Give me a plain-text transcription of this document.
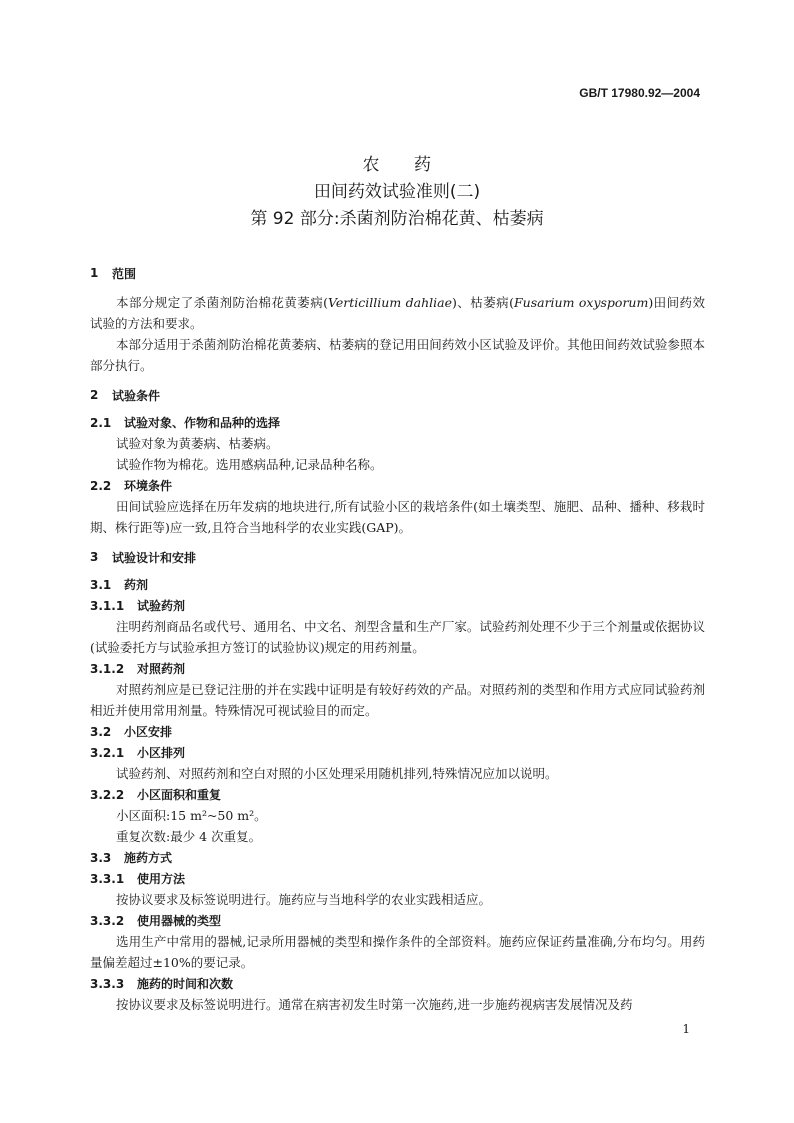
GB/T 17980.92—2004
农 药
田间药效试验准则(二)
第 92 部分:杀菌剂防治棉花黄、枯萎病
1	范围

本部分规定了杀菌剂防治棉花黄萎病(Verticillium dahliae)、枯萎病(Fusarium oxysporum)田间药效试验的方法和要求。

本部分适用于杀菌剂防治棉花黄萎病、枯萎病的登记用田间药效小区试验及评价。其他田间药效试验参照本部分执行。

2	试验条件
2.1	试验对象、作物和品种的选择

试验对象为黄萎病、枯萎病。

试验作物为棉花。选用感病品种,记录品种名称。

2.2	环境条件

田间试验应选择在历年发病的地块进行,所有试验小区的栽培条件(如土壤类型、施肥、品种、播种、移栽时期、株行距等)应一致,且符合当地科学的农业实践(GAP)。

3	试验设计和安排
3.1	药剂
3.1.1	试验药剂

注明药剂商品名或代号、通用名、中文名、剂型含量和生产厂家。试验药剂处理不少于三个剂量或依据协议(试验委托方与试验承担方签订的试验协议)规定的用药剂量。

3.1.2	对照药剂

对照药剂应是已登记注册的并在实践中证明是有较好药效的产品。对照药剂的类型和作用方式应同试验药剂相近并使用常用剂量。特殊情况可视试验目的而定。

3.2	小区安排
3.2.1	小区排列

试验药剂、对照药剂和空白对照的小区处理采用随机排列,特殊情况应加以说明。

3.2.2	小区面积和重复

小区面积:15 m²~50 m²。

重复次数:最少 4 次重复。

3.3	施药方式
3.3.1	使用方法

按协议要求及标签说明进行。施药应与当地科学的农业实践相适应。

3.3.2	使用器械的类型

选用生产中常用的器械,记录所用器械的类型和操作条件的全部资料。施药应保证药量准确,分布均匀。用药量偏差超过±10%的要记录。

3.3.3	施药的时间和次数

按协议要求及标签说明进行。通常在病害初发生时第一次施药,进一步施药视病害发展情况及药

1
